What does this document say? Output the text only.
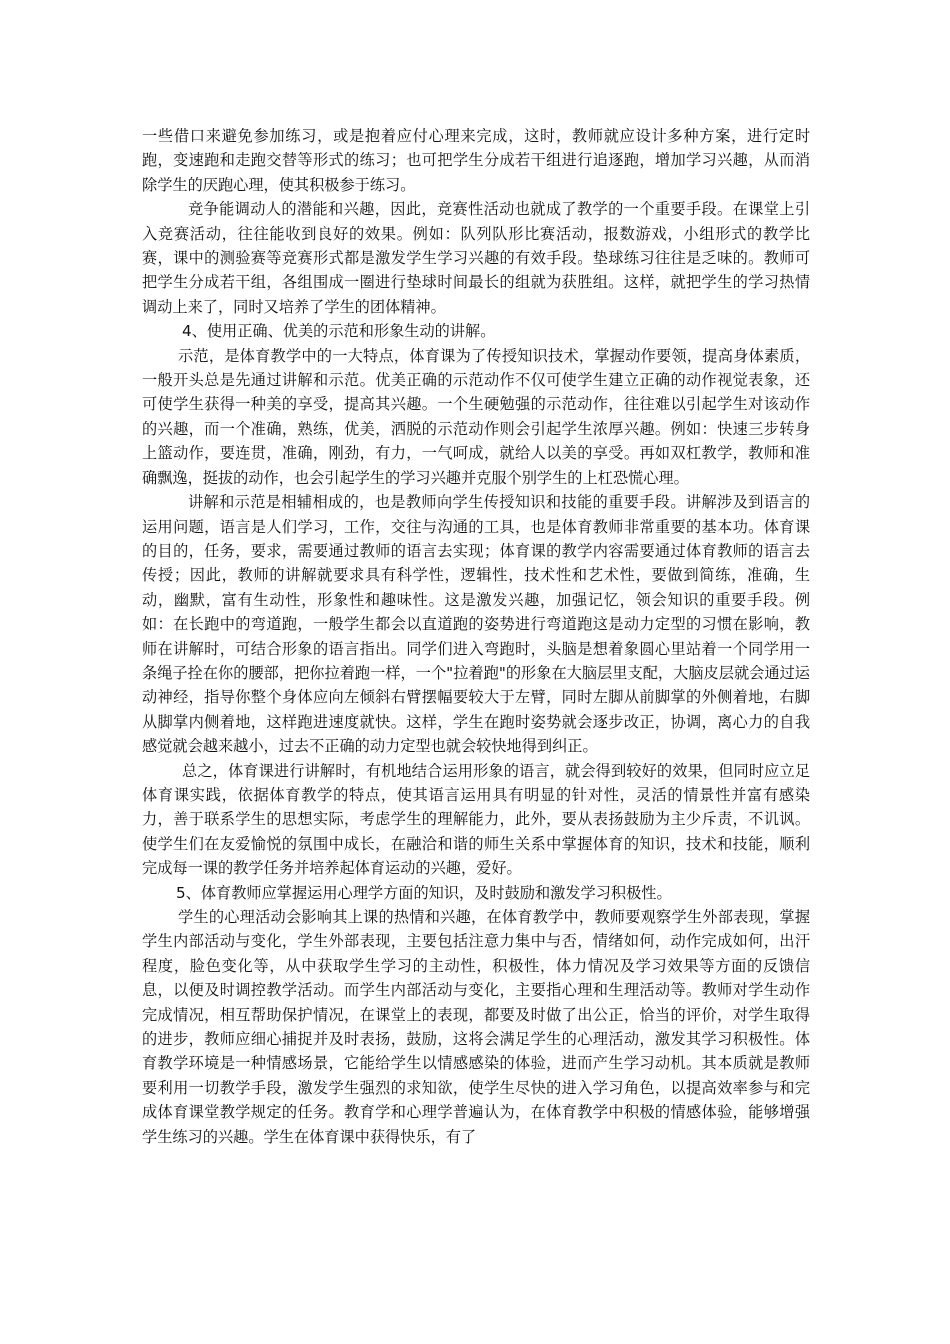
一些借口来避免参加练习，或是抱着应付心理来完成，这时，教师就应设计多种方案，进行定时跑，变速跑和走跑交替等形式的练习；也可把学生分成若干组进行追逐跑，增加学习兴趣，从而消除学生的厌跑心理，使其积极参于练习。

竞争能调动人的潜能和兴趣，因此，竞赛性活动也就成了教学的一个重要手段。在课堂上引入竞赛活动，往往能收到良好的效果。例如：队列队形比赛活动，报数游戏，小组形式的教学比赛，课中的测验赛等竞赛形式都是激发学生学习兴趣的有效手段。垫球练习往往是乏味的。教师可把学生分成若干组，各组围成一圈进行垫球时间最长的组就为获胜组。这样，就把学生的学习热情调动上来了，同时又培养了学生的团体精神。

4、使用正确、优美的示范和形象生动的讲解。

示范，是体育教学中的一大特点，体育课为了传授知识技术，掌握动作要领，提高身体素质，一般开头总是先通过讲解和示范。优美正确的示范动作不仅可使学生建立正确的动作视觉表象，还可使学生获得一种美的享受，提高其兴趣。一个生硬勉强的示范动作，往往难以引起学生对该动作的兴趣，而一个准确，熟练，优美，洒脱的示范动作则会引起学生浓厚兴趣。例如：快速三步转身上篮动作，要连贯，准确，刚劲，有力，一气呵成，就给人以美的享受。再如双杠教学，教师和准确飘逸，挺拔的动作，也会引起学生的学习兴趣并克服个别学生的上杠恐慌心理。

讲解和示范是相辅相成的，也是教师向学生传授知识和技能的重要手段。讲解涉及到语言的运用问题，语言是人们学习，工作，交往与沟通的工具，也是体育教师非常重要的基本功。体育课的目的，任务，要求，需要通过教师的语言去实现；体育课的教学内容需要通过体育教师的语言去传授；因此，教师的讲解就要求具有科学性，逻辑性，技术性和艺术性，要做到简练，准确，生动，幽默，富有生动性，形象性和趣味性。这是激发兴趣，加强记忆，领会知识的重要手段。例如：在长跑中的弯道跑，一般学生都会以直道跑的姿势进行弯道跑这是动力定型的习惯在影响，教师在讲解时，可结合形象的语言指出。同学们进入弯跑时，头脑是想着象圆心里站着一个同学用一条绳子拴在你的腰部，把你拉着跑一样，一个"拉着跑"的形象在大脑层里支配，大脑皮层就会通过运动神经，指导你整个身体应向左倾斜右臂摆幅要较大于左臂，同时左脚从前脚掌的外侧着地，右脚从脚掌内侧着地，这样跑进速度就快。这样，学生在跑时姿势就会逐步改正，协调，离心力的自我感觉就会越来越小，过去不正确的动力定型也就会较快地得到纠正。

总之，体育课进行讲解时，有机地结合运用形象的语言，就会得到较好的效果，但同时应立足体育课实践，依据体育教学的特点，使其语言运用具有明显的针对性，灵活的情景性并富有感染力，善于联系学生的思想实际，考虑学生的理解能力，此外，要从表扬鼓励为主少斥责，不讥讽。使学生们在友爱愉悦的氛围中成长，在融洽和谐的师生关系中掌握体育的知识，技术和技能，顺利完成每一课的教学任务并培养起体育运动的兴趣，爱好。

5、体育教师应掌握运用心理学方面的知识，及时鼓励和激发学习积极性。

学生的心理活动会影响其上课的热情和兴趣，在体育教学中，教师要观察学生外部表现，掌握学生内部活动与变化，学生外部表现，主要包括注意力集中与否，情绪如何，动作完成如何，出汗程度，脸色变化等，从中获取学生学习的主动性，积极性，体力情况及学习效果等方面的反馈信息，以便及时调控教学活动。而学生内部活动与变化，主要指心理和生理活动等。教师对学生动作完成情况，相互帮助保护情况，在课堂上的表现，都要及时做了出公正，恰当的评价，对学生取得的进步，教师应细心捕捉并及时表扬，鼓励，这将会满足学生的心理活动，激发其学习积极性。体育教学环境是一种情感场景，它能给学生以情感感染的体验，进而产生学习动机。其本质就是教师要利用一切教学手段，激发学生强烈的求知欲，使学生尽快的进入学习角色，以提高效率参与和完成体育课堂教学规定的任务。教育学和心理学普遍认为，在体育教学中积极的情感体验，能够增强学生练习的兴趣。学生在体育课中获得快乐，有了
